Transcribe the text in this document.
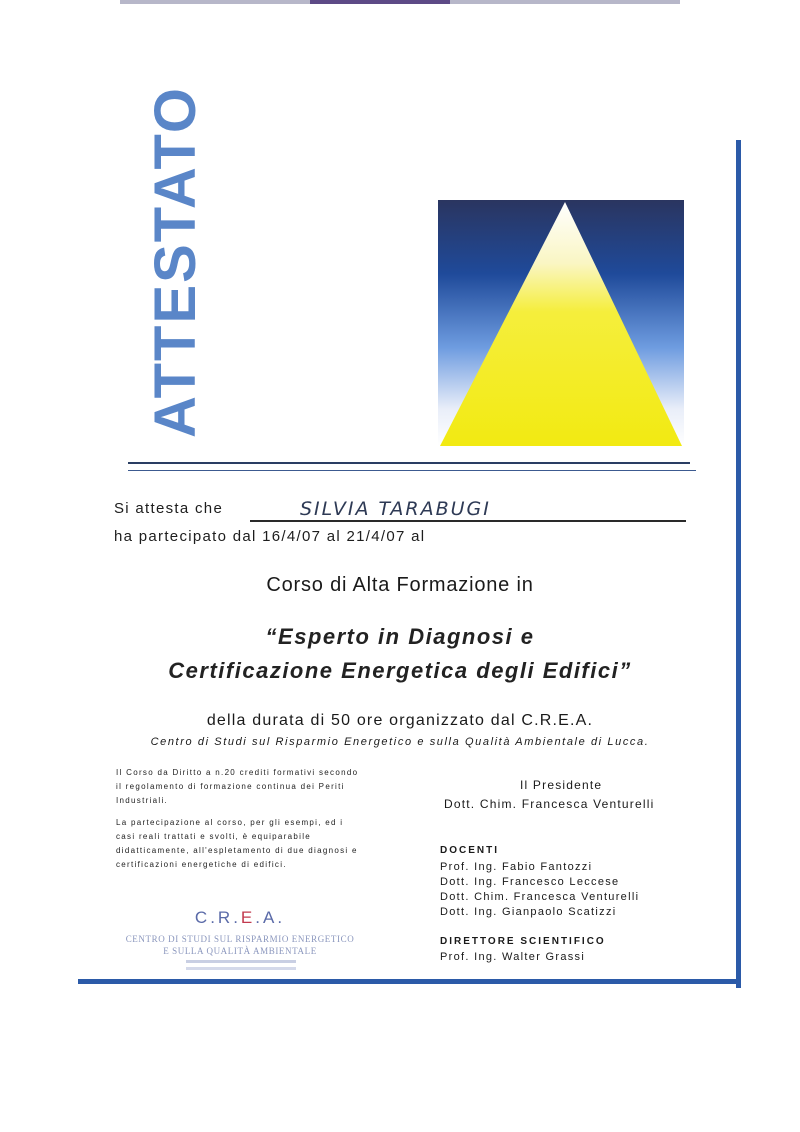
ATTESTATO
Si attesta che	SILVIA TARABUGI
ha partecipato dal 16/4/07 al 21/4/07 al
Corso di Alta Formazione in
“Esperto in Diagnosi e
Certificazione Energetica degli Edifici”
della durata di 50 ore organizzato dal C.R.E.A.
Centro di Studi sul Risparmio Energetico e sulla Qualità Ambientale di Lucca.
Il Corso da Diritto a n.20 crediti formativi secondo il regolamento di formazione continua dei Periti Industriali.
La partecipazione al corso, per gli esempi, ed i casi reali trattati e svolti, è equiparabile didatticamente, all'espletamento di due diagnosi e certificazioni energetiche di edifici.
Il Presidente
Dott. Chim. Francesca Venturelli
DOCENTI
Prof. Ing. Fabio Fantozzi
Dott. Ing. Francesco Leccese
Dott. Chim. Francesca Venturelli
Dott. Ing. Gianpaolo Scatizzi
DIRETTORE SCIENTIFICO
Prof. Ing. Walter Grassi
C.R.E.A.
CENTRO DI STUDI SUL RISPARMIO ENERGETICO
E SULLA QUALITÀ AMBIENTALE
